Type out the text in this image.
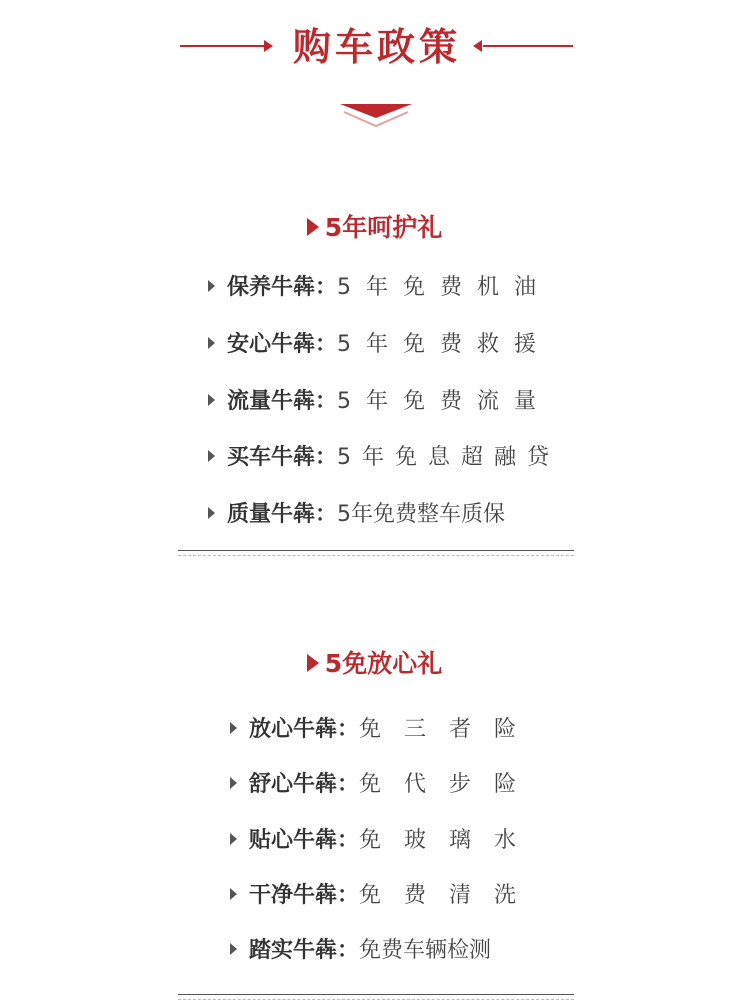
购车政策
5年呵护礼
保养牛犇：5 年 免 费 机 油
安心牛犇：5 年 免 费 救 援
流量牛犇：5 年 免 费 流 量
买车牛犇：5 年 免 息 超 融 贷
质量牛犇：5年免费整车质保
5免放心礼
放心牛犇：免 三 者 险
舒心牛犇：免 代 步 险
贴心牛犇：免 玻 璃 水
干净牛犇：免 费 清 洗
踏实牛犇：免费车辆检测
